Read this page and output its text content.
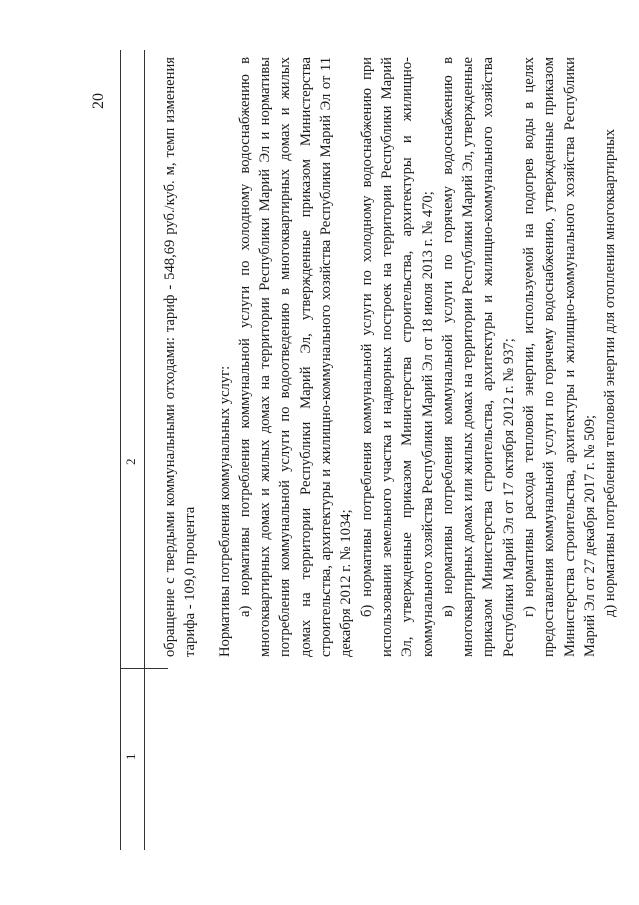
20
1
2 обращение с твердыми коммунальными отходами: тариф - 548,69 руб./куб. м, темп изменения тарифа - 109,0 процента Нормативы потребления коммунальных услуг: а) нормативы потребления коммунальной услуги по холодному водоснабжению в многоквартирных домах и жилых домах на территории Республики Марий Эл и нормативы потребления коммунальной услуги по водоотведению в многоквартирных домах и жилых домах на территории Республики Марий Эл, утвержденные приказом Министерства строительства, архитектуры и жилищно-коммунального хозяйства Республики Марий Эл от 11 декабря 2012 г. № 1034; б) нормативы потребления коммунальной услуги по холодному водоснабжению при использовании земельного участка и надворных построек на территории Республики Марий Эл, утвержденные приказом Министерства строительства, архитектуры и жилищно-коммунального хозяйства Республики Марий Эл от 18 июля 2013 г. № 470; в) нормативы потребления коммунальной услуги по горячему водоснабжению в многоквартирных домах или жилых домах на территории Республики Марий Эл, утвержденные приказом Министерства строительства, архитектуры и жилищно-коммунального хозяйства Республики Марий Эл от 17 октября 2012 г. № 937; г) нормативы расхода тепловой энергии, используемой на подогрев воды в целях предоставления коммунальной услуги по горячему водоснабжению, утвержденные приказом Министерства строительства, архитектуры и жилищно-коммунального хозяйства Республики Марий Эл от 27 декабря 2017 г. № 509; д) нормативы потребления тепловой энергии для отопления многоквартирных
